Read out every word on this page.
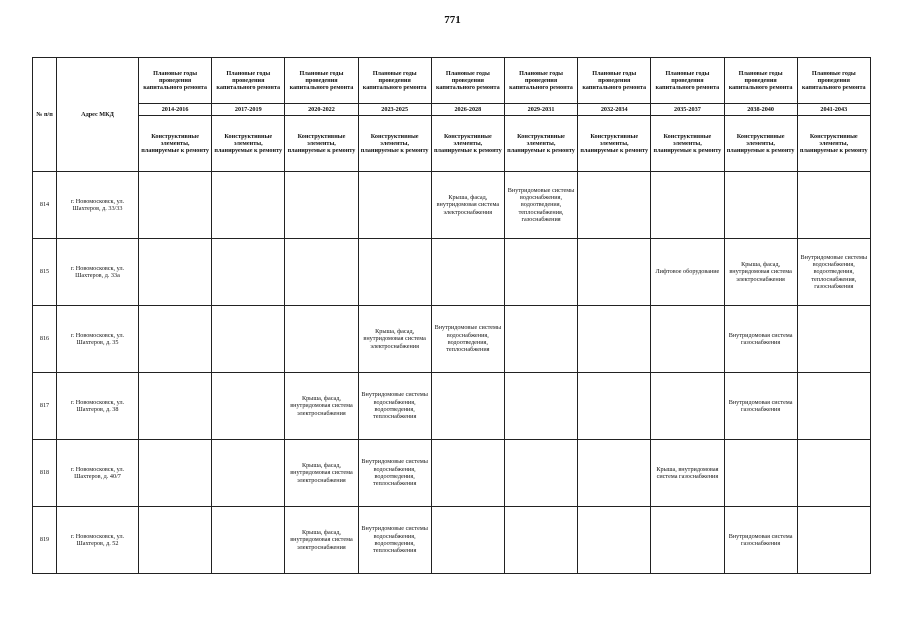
771
№ п/п	Адрес МКД	Плановые годы проведения капитального ремонта	Плановые годы проведения капитального ремонта	Плановые годы проведения капитального ремонта	Плановые годы проведения капитального ремонта	Плановые годы проведения капитального ремонта	Плановые годы проведения капитального ремонта	Плановые годы проведения капитального ремонта	Плановые годы проведения капитального ремонта	Плановые годы проведения капитального ремонта	Плановые годы проведения капитального ремонта
		2014-2016	2017-2019	2020-2022	2023-2025	2026-2028	2029-2031	2032-2034	2035-2037	2038-2040	2041-2043
		Конструктивные элементы, планируемые к ремонту	Конструктивные элементы, планируемые к ремонту	Конструктивные элементы, планируемые к ремонту	Конструктивные элементы, планируемые к ремонту	Конструктивные элементы, планируемые к ремонту	Конструктивные элементы, планируемые к ремонту	Конструктивные элементы, планируемые к ремонту	Конструктивные элементы, планируемые к ремонту	Конструктивные элементы, планируемые к ремонту	Конструктивные элементы, планируемые к ремонту
814	г. Новомосковск, ул. Шахтеров, д. 33/33					Крыша, фасад, внутридомовая система электроснабжения	Внутридомовые системы водоснабжения, водоотведения, теплоснабжения, газоснабжения				
815	г. Новомосковск, ул. Шахтеров, д. 33а								Лифтовое оборудование	Крыша, фасад, внутридомовая система электроснабжения	Внутридомовые системы водоснабжения, водоотведения, теплоснабжения, газоснабжения
816	г. Новомосковск, ул. Шахтеров, д. 35				Крыша, фасад, внутридомовая система электроснабжения	Внутридомовые системы водоснабжения, водоотведения, теплоснабжения				Внутридомовая система газоснабжения	
817	г. Новомосковск, ул. Шахтеров, д. 38			Крыша, фасад, внутридомовая система электроснабжения	Внутридомовые системы водоснабжения, водоотведения, теплоснабжения					Внутридомовая система газоснабжения	
818	г. Новомосковск, ул. Шахтеров, д. 40/7			Крыша, фасад, внутридомовая система электроснабжения	Внутридомовые системы водоснабжения, водоотведения, теплоснабжения				Крыша, внутридомовая система газоснабжения		
819	г. Новомосковск, ул. Шахтеров, д. 52			Крыша, фасад, внутридомовая система электроснабжения	Внутридомовые системы водоснабжения, водоотведения, теплоснабжения					Внутридомовая система газоснабжения	
